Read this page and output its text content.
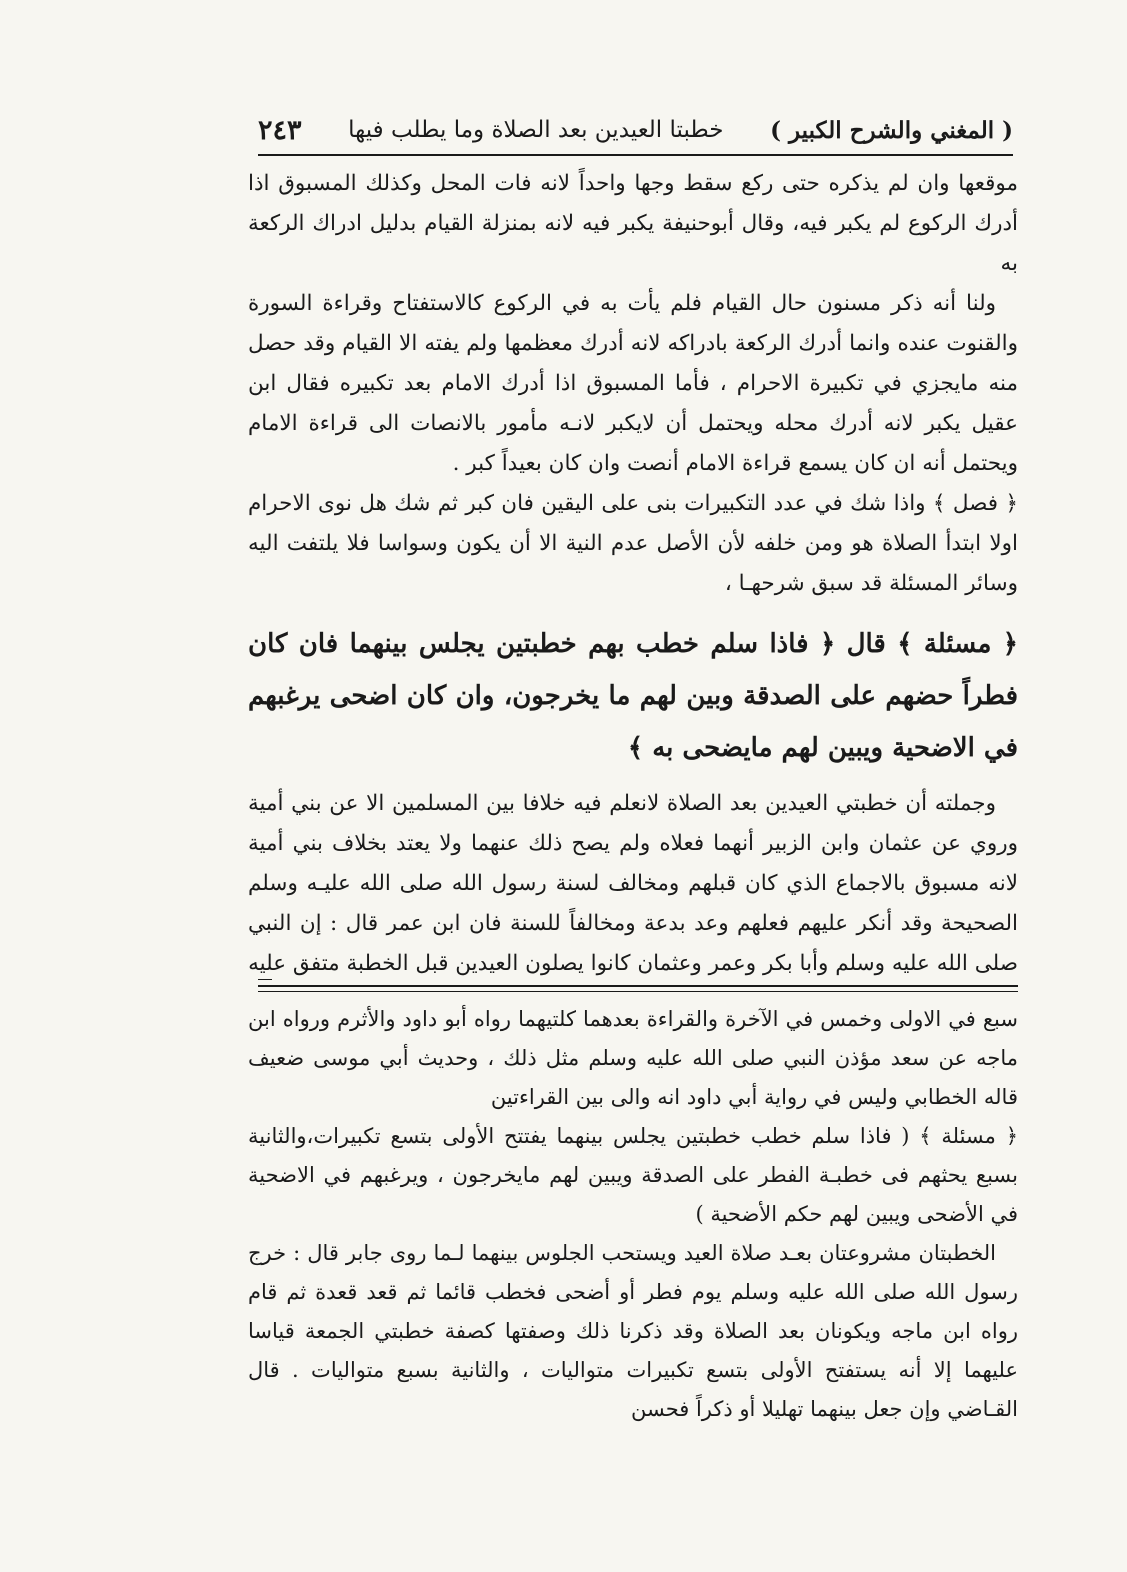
( المغني والشرح الكبير )
خطبتا العيدين بعد الصلاة وما يطلب فيها
٢٤٣

موقعها وان لم يذكره حتى ركع سقط وجها واحداً لانه فات المحل وكذلك المسبوق اذا أدرك الركوع لم يكبر فيه، وقال أبوحنيفة يكبر فيه لانه بمنزلة القيام بدليل ادراك الركعة به

ولنا أنه ذكر مسنون حال القيام فلم يأت به في الركوع كالاستفتاح وقراءة السورة والقنوت عنده وانما أدرك الركعة بادراكه لانه أدرك معظمها ولم يفته الا القيام وقد حصل منه مايجزي في تكبيرة الاحرام ، فأما المسبوق اذا أدرك الامام بعد تكبيره فقال ابن عقيل يكبر لانه أدرك محله ويحتمل أن لايكبر لانـه مأمور بالانصات الى قراءة الامام ويحتمل أنه ان كان يسمع قراءة الامام أنصت وان كان بعيداً كبر .

﴿ فصل ﴾ واذا شك في عدد التكبيرات بنى على اليقين فان كبر ثم شك هل نوى الاحرام اولا ابتدأ الصلاة هو ومن خلفه لأن الأصل عدم النية الا أن يكون وسواسا فلا يلتفت اليه وسائر المسئلة قد سبق شرحهـا ،

﴿ مسئلة ﴾ قال ﴿ فاذا سلم خطب بهم خطبتين يجلس بينهما فان كان فطراً حضهم على الصدقة وبين لهم ما يخرجون، وان كان اضحى يرغبهم في الاضحية ويبين لهم مايضحى به ﴾

وجملته أن خطبتي العيدين بعد الصلاة لانعلم فيه خلافا بين المسلمين الا عن بني أمية وروي عن عثمان وابن الزبير أنهما فعلاه ولم يصح ذلك عنهما ولا يعتد بخلاف بني أمية لانه مسبوق بالاجماع الذي كان قبلهم ومخالف لسنة رسول الله صلى الله عليـه وسلم الصحيحة وقد أنكر عليهم فعلهم وعد بدعة ومخالفاً للسنة فان ابن عمر قال : إن النبي صلى الله عليه وسلم وأبا بكر وعمر وعثمان كانوا يصلون العيدين قبل الخطبة متفق عليه

سبع في الاولى وخمس في الآخرة والقراءة بعدهما كلتيهما رواه أبو داود والأثرم ورواه ابن ماجه عن سعد مؤذن النبي صلى الله عليه وسلم مثل ذلك ، وحديث أبي موسى ضعيف قاله الخطابي وليس في رواية أبي داود انه والى بين القراءتين

﴿ مسئلة ﴾ ( فاذا سلم خطب خطبتين يجلس بينهما يفتتح الأولى بتسع تكبيرات،والثانية بسبع يحثهم فى خطبـة الفطر على الصدقة ويبين لهم مايخرجون ، ويرغبهم في الاضحية في الأضحى ويبين لهم حكم الأضحية )

الخطبتان مشروعتان بعـد صلاة العيد ويستحب الجلوس بينهما لـما روى جابر قال : خرج رسول الله صلى الله عليه وسلم يوم فطر أو أضحى فخطب قائما ثم قعد قعدة ثم قام رواه ابن ماجه ويكونان بعد الصلاة وقد ذكرنا ذلك وصفتها كصفة خطبتي الجمعة قياسا عليهما إلا أنه يستفتح الأولى بتسع تكبيرات متواليات ، والثانية بسبع متواليات . قال القـاضي وإن جعل بينهما تهليلا أو ذكراً فحسن
